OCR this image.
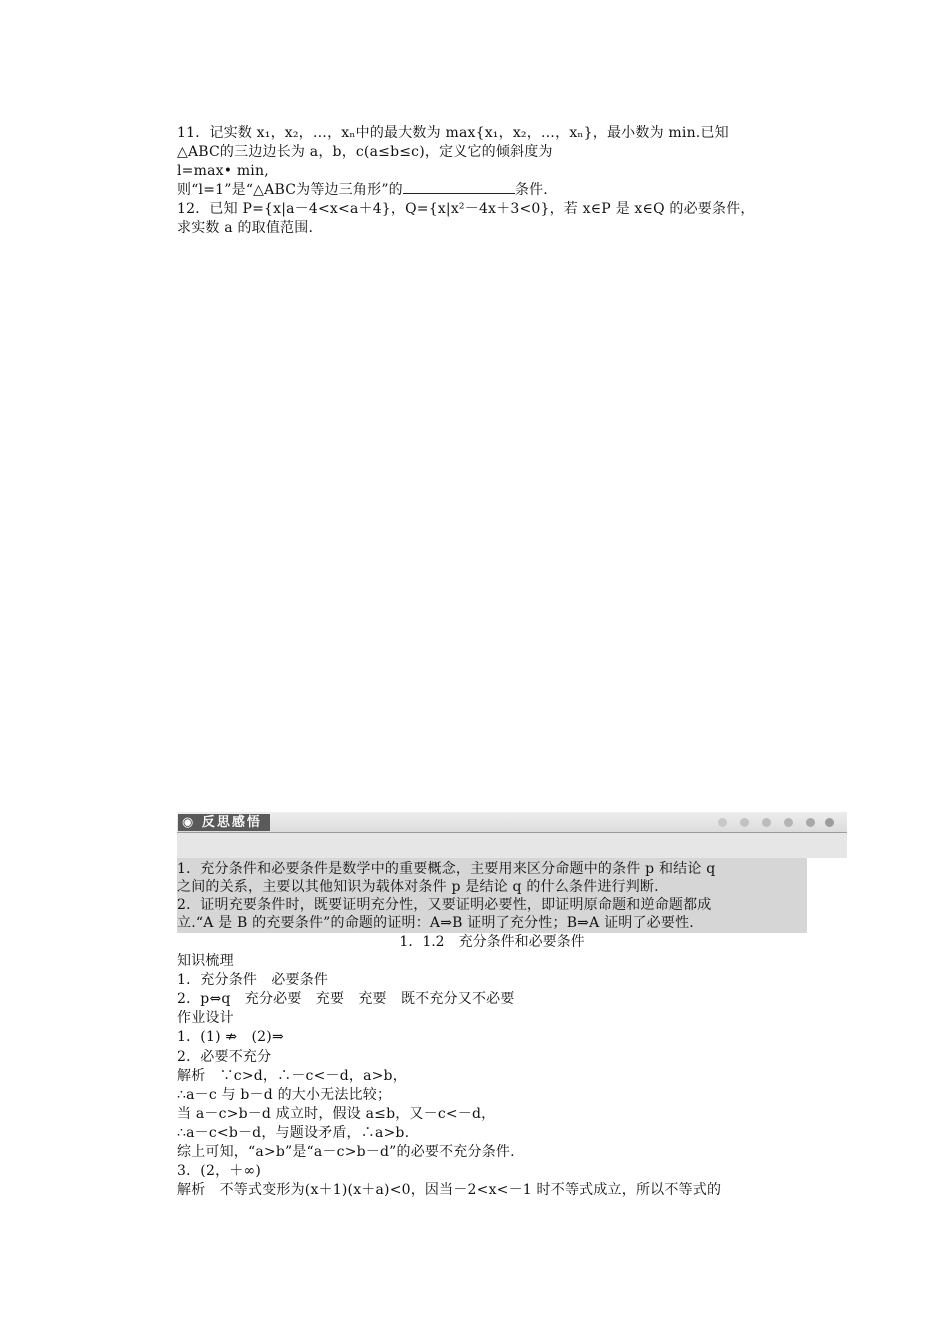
11．记实数 x₁，x₂，…，xₙ中的最大数为 max{x₁，x₂，…，xₙ}，最小数为 min.已知
△ABC的三边边长为 a，b，c(a≤b≤c)，定义它的倾斜度为
l=max• min,
则“l=1”是“△ABC为等边三角形”的	条件.
12．已知 P={x|a－4<x<a＋4}，Q={x|x²－4x＋3<0}，若 x∈P 是 x∈Q 的必要条件，
求实数 a 的取值范围.
◉ 反思感悟
1．充分条件和必要条件是数学中的重要概念，主要用来区分命题中的条件 p 和结论 q
之间的关系，主要以其他知识为载体对条件 p 是结论 q 的什么条件进行判断.
2．证明充要条件时，既要证明充分性，又要证明必要性，即证明原命题和逆命题都成
立.“A 是 B 的充要条件”的命题的证明：A⇒B 证明了充分性；B⇒A 证明了必要性.
1．1.2　充分条件和必要条件
知识梳理
1．充分条件　必要条件
2．p⇔q　充分必要　充要　充要　既不充分又不必要
作业设计
1．(1) ⇏　(2)⇒
2．必要不充分
解析　∵c>d，∴－c<－d，a>b，
∴a－c 与 b－d 的大小无法比较；
当 a－c>b－d 成立时，假设 a≤b，又－c<－d，
∴a－c<b－d，与题设矛盾，∴a>b.
综上可知，“a>b”是“a－c>b－d”的必要不充分条件.
3．(2，＋∞)
解析　不等式变形为(x＋1)(x＋a)<0，因当－2<x<－1 时不等式成立，所以不等式的
